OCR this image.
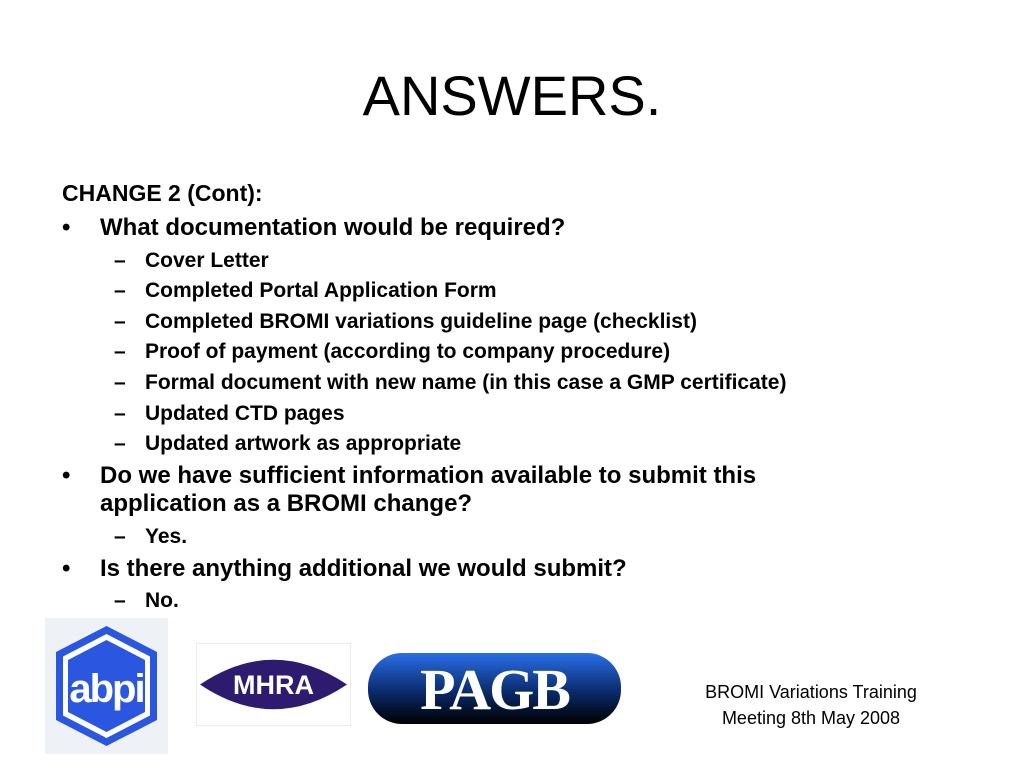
ANSWERS.
CHANGE 2 (Cont):
• What documentation would be required?
– Cover Letter
– Completed Portal Application Form
– Completed BROMI variations guideline page (checklist)
– Proof of payment (according to company procedure)
– Formal document with new name (in this case a GMP certificate)
– Updated CTD pages
– Updated artwork as appropriate
• Do we have sufficient information available to submit this
application as a BROMI change?
– Yes.
• Is there anything additional we would submit?
– No.
abpi	MHRA PAGB	BROMI Variations Training
Meeting 8th May 2008
